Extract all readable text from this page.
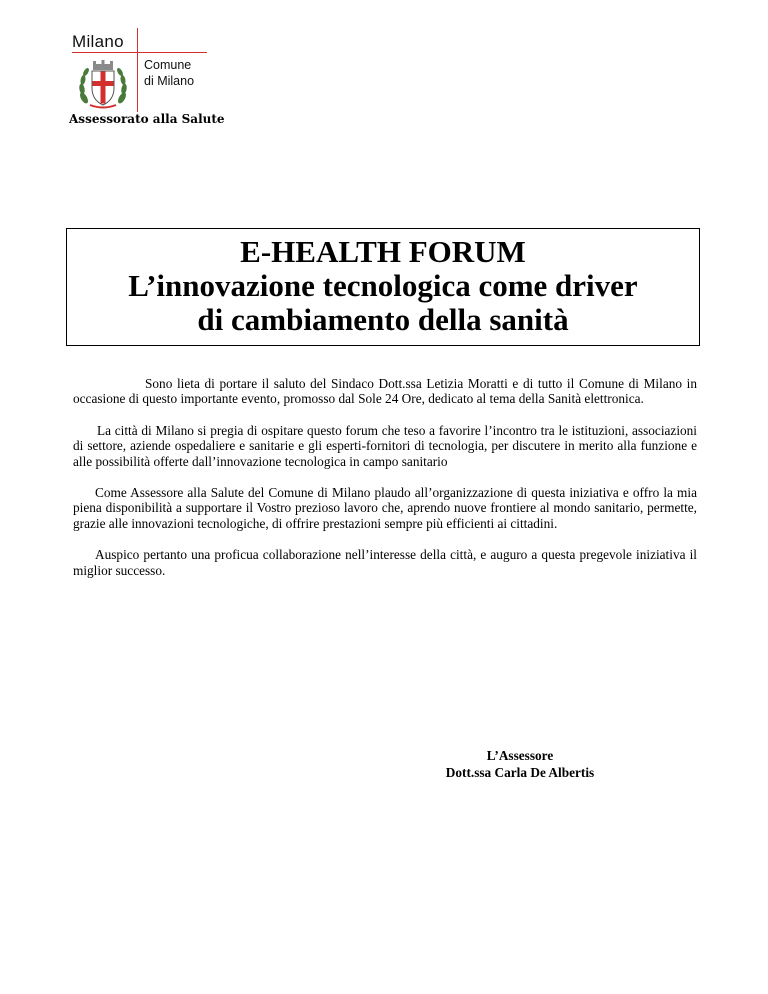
Milano
Comune
di Milano
Assessorato alla Salute
E-HEALTH FORUM
L’innovazione tecnologica come driver
di cambiamento della sanità

Sono lieta di portare il saluto del Sindaco Dott.ssa Letizia Moratti e di tutto il Comune di Milano in occasione di questo importante evento, promosso dal Sole 24 Ore, dedicato al tema della Sanità elettronica.

La città di Milano si pregia di ospitare questo forum che teso a favorire l’incontro tra le istituzioni, associazioni di settore, aziende ospedaliere e sanitarie e gli esperti-fornitori di tecnologia, per discutere in merito alla funzione e alle possibilità offerte dall’innovazione tecnologica in campo sanitario

Come Assessore alla Salute del Comune di Milano plaudo all’organizzazione di questa iniziativa e offro la mia piena disponibilità a supportare il Vostro prezioso lavoro che, aprendo nuove frontiere al mondo sanitario, permette, grazie alle innovazioni tecnologiche, di offrire prestazioni sempre più efficienti ai cittadini.

Auspico pertanto una proficua collaborazione nell’interesse della città, e auguro a questa pregevole iniziativa il miglior successo.

L’Assessore
Dott.ssa Carla De Albertis
